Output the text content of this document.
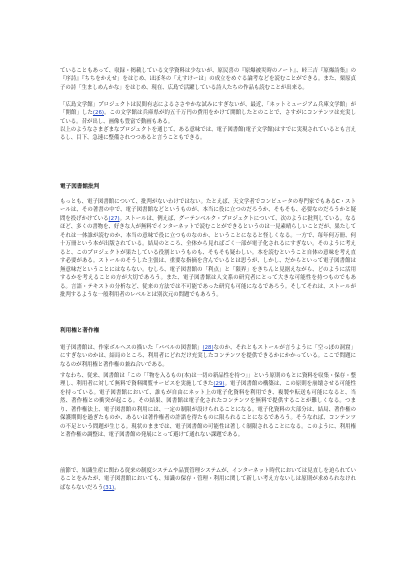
ていることもあって、収録・掲載している文学資料は少ないが、原民喜の『原爆被災時のノート』、峠三吉『原爆詩集』の『序詩』『ちちをかえせ」をはじめ、ほぼ冬の「えすけーは」の成立をめぐる論考などを読むことができる。また、栗原貞子の詩「生ましめんかな」をはじめ、現在、広島で活躍している詩人たちの作品も読むことが出来る。

「広島文学館」プロジェクトは民間有志によるささやかな試みにすぎないが、最近、「ネットミュージアム兵庫文学館」が「開館」した(26)。この文学館は兵庫県が約五千万円の費用をかけて開館したとのことで、さすがにコンテンツは充実している。昔が出し、画像も豊富で動画もある。

以上のようなさまざまなプロジェクトを通じて、ある意味では、電子図書館(電子文学館)はすでに実現されているとも言えるし、目下、急速に整備されつつあると言うこともできる。

電子図書館批判

もっとも、電子図書館について、批判がないわけではない。たとえば、天文学者でコンピュータの専門家でもあるC・ストールは、その著書の中で、電子図書館などというものが、本当に役に立つのだろうか、そもそも、必要なのだろうかと疑問を投げかけている(27)。ストールは、例えば、グーテンベルク・プロジェクトについて、次のように批判している。なるほど、多くの書物を、好きな人が無料でインターネットで読むことができるというのは一見素晴らしいことだが、果たしてそれは一体誰が読むのか、本当の意味で役に立つものなのか、ということになると怪しくなる。一方で、毎年何万冊、何十万冊という本が出版されている。結局のところ、全体から見ればごく一部が電子化されるにすぎない。そのように考えると、このプロジェクトが果たしている役割というものも、そもそも疑わしい。本を読むということ自体の意味を考え直す必要がある。ストールのそうした主張は、重要な指摘を含んでいるとは思うが、しかし、だからといって電子図書館は無意味だということにはならない。むしろ、電子図書館の「利点」と「限界」をきちんと見据えながら、どのように活用するかを考えることの方が大切であろう。また、電子図書館は人文系の研究者にとって大きな可能性を持つものでもある。言語・テキストの分析など、従来の方法では不可能であった研究も可能になるであろう。そしてそれは、ストールが批判するような一般利用者のレベルとは別次元の問題でもあろう。

利用権と著作権

電子図書館は、作家ボルヘスの描いた「バベルの図書館」(28)なのか、それともストールが言うように「空っぽの洞窟」にすぎないのかは、結局のところ、利用者にどれだけ充実したコンテンツを提供できるかにかかっている。ここで問題になるのが利用権と著作権の兼ね合いである。

すなわち、従来、図書館は「この「「物を入るもの(本)は一切の新品性を持つ」」という原則のもとに資料を収集・保存・整理し、利用者に対して無料で資料閲覧サービスを実施してきた(29)。電子図書館の構築は、この原則を崩壊させる可能性を持っている。電子図書館において、誰もが自由にネット上の電子化資料を利用でき、複製や転送も可能になると、当然、著作権との衝突が起こる。その結果、図書館は電子化されたコンテンツを無料で提供することが難しくなる。つまり、著作権法上、電子図書館の利用には、一定の制限が設けられることになる。電子化資料の大部分は、結局、著作権の保護期間を過ぎたものか、あるいは著作権者の許諾を得たものに限られることになるであろう。そうなれば、コンテンツの不足という問題が生じる。現状のままでは、電子図書館の可能性は著しく制限されることになる。このように、利用権と著作権の調整は、電子図書館の発展にとって避けて通れない課題である。

前節で、知識生産に関わる従来の制度システムや品質管理システムが、インターネット時代においては見直しを迫られていることをみたが、電子図書館においても、知識の保存・管理・利用に関して新しい考え方ないしは原則が求められなければならないだろう(31)。
